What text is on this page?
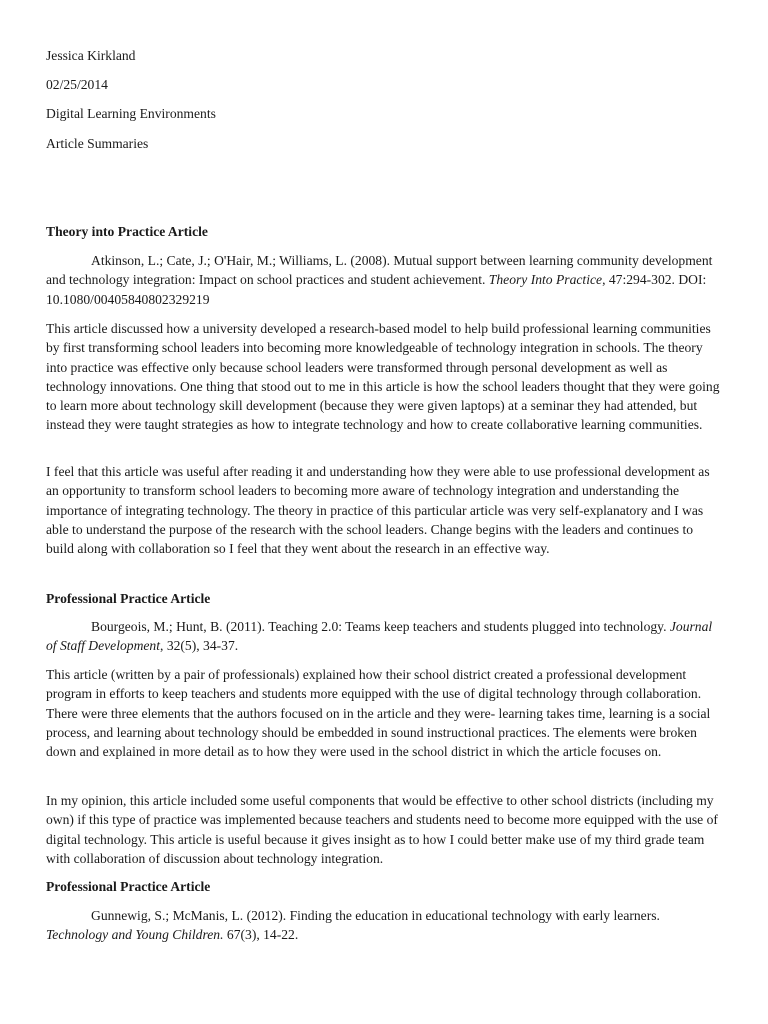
Jessica Kirkland

02/25/2014

Digital Learning Environments

Article Summaries

Theory into Practice Article

Atkinson, L.; Cate, J.; O'Hair, M.; Williams, L. (2008). Mutual support between learning community development and technology integration: Impact on school practices and student achievement. Theory Into Practice, 47:294-302. DOI: 10.1080/00405840802329219

This article discussed how a university developed a research-based model to help build professional learning communities by first transforming school leaders into becoming more knowledgeable of technology integration in schools. The theory into practice was effective only because school leaders were transformed through personal development as well as technology innovations. One thing that stood out to me in this article is how the school leaders thought that they were going to learn more about technology skill development (because they were given laptops) at a seminar they had attended, but instead they were taught strategies as how to integrate technology and how to create collaborative learning communities.

I feel that this article was useful after reading it and understanding how they were able to use professional development as an opportunity to transform school leaders to becoming more aware of technology integration and understanding the importance of integrating technology. The theory in practice of this particular article was very self-explanatory and I was able to understand the purpose of the research with the school leaders. Change begins with the leaders and continues to build along with collaboration so I feel that they went about the research in an effective way.

Professional Practice Article

Bourgeois, M.; Hunt, B. (2011). Teaching 2.0: Teams keep teachers and students plugged into technology. Journal of Staff Development, 32(5), 34-37.

This article (written by a pair of professionals) explained how their school district created a professional development program in efforts to keep teachers and students more equipped with the use of digital technology through collaboration. There were three elements that the authors focused on in the article and they were- learning takes time, learning is a social process, and learning about technology should be embedded in sound instructional practices. The elements were broken down and explained in more detail as to how they were used in the school district in which the article focuses on.

In my opinion, this article included some useful components that would be effective to other school districts (including my own) if this type of practice was implemented because teachers and students need to become more equipped with the use of digital technology. This article is useful because it gives insight as to how I could better make use of my third grade team with collaboration of discussion about technology integration.

Professional Practice Article

Gunnewig, S.; McManis, L. (2012). Finding the education in educational technology with early learners. Technology and Young Children. 67(3), 14-22.
